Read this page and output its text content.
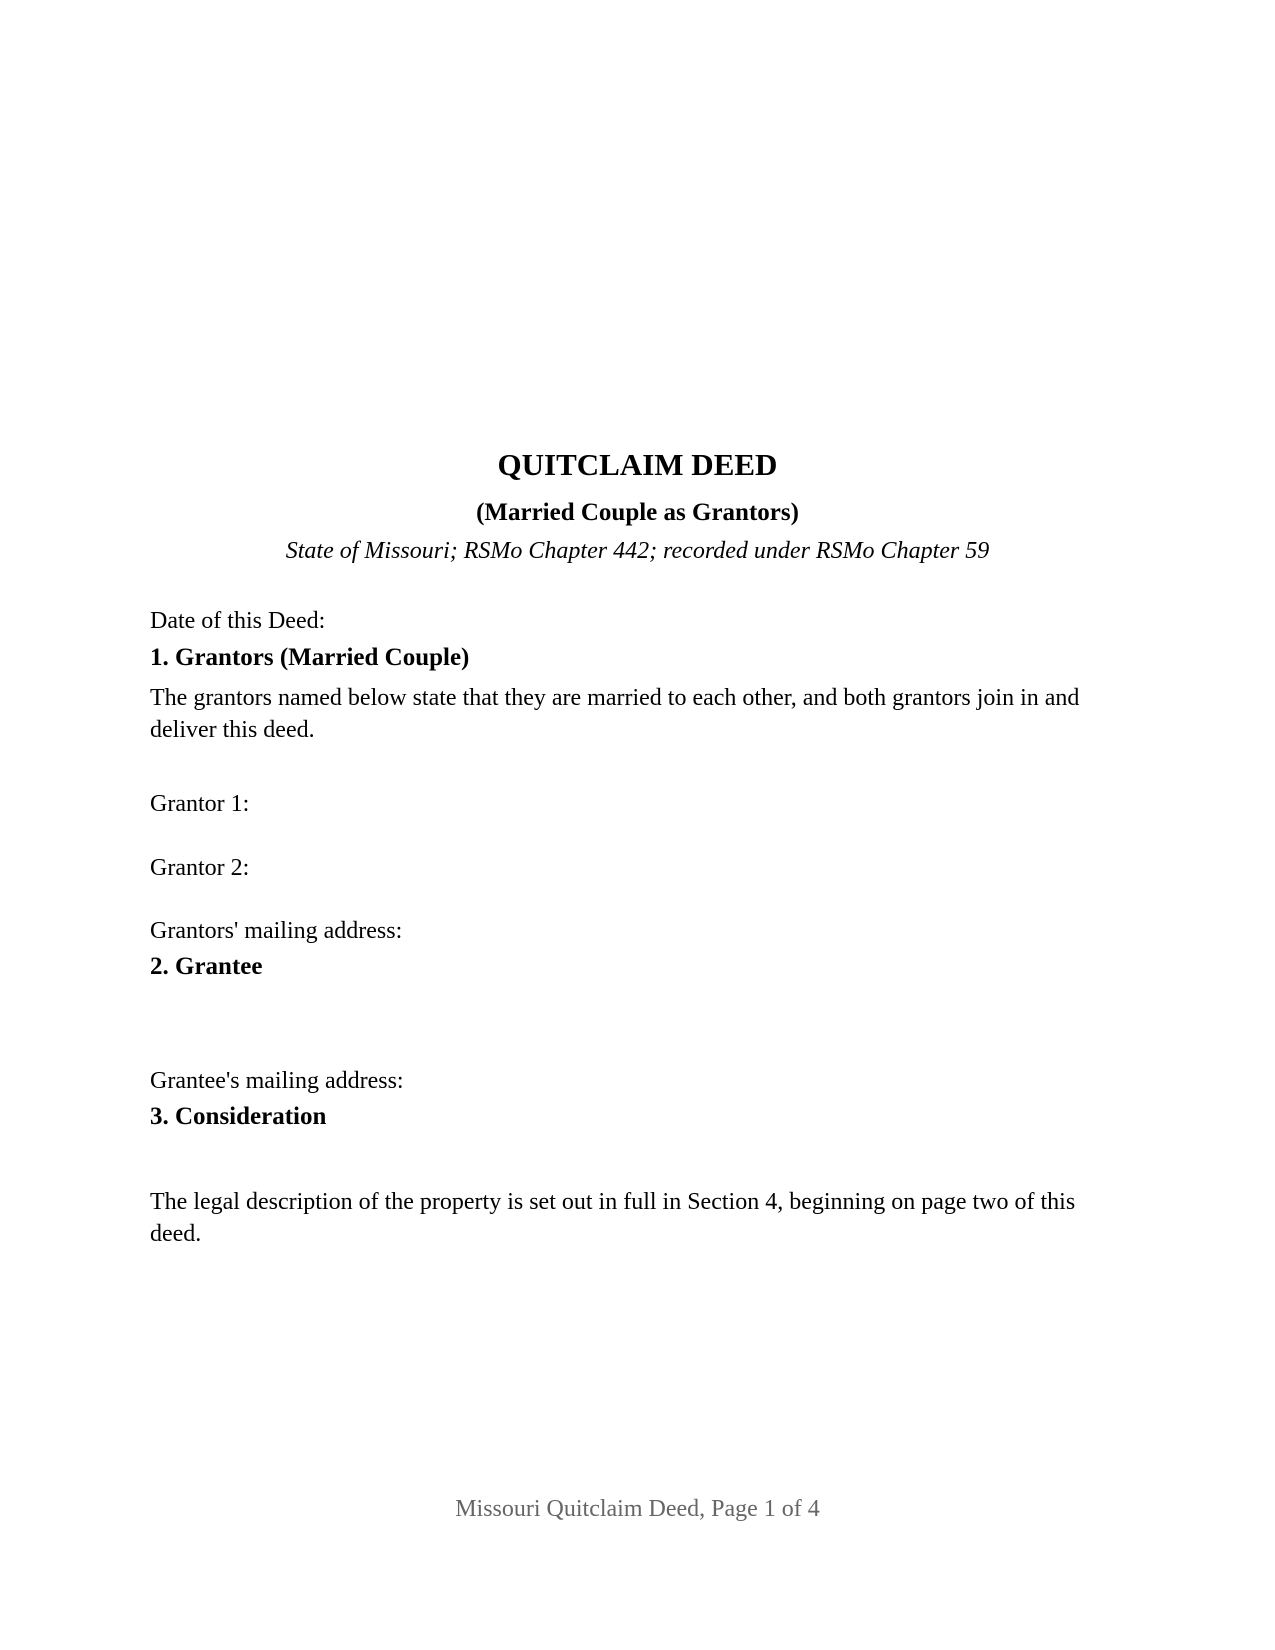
QUITCLAIM DEED
(Married Couple as Grantors)
State of Missouri; RSMo Chapter 442; recorded under RSMo Chapter 59
Date of this Deed:
1. Grantors (Married Couple)
The grantors named below state that they are married to each other, and both grantors join in and deliver this deed.
Grantor 1:
Grantor 2:
Grantors' mailing address:
2. Grantee
Grantee's mailing address:
3. Consideration
The legal description of the property is set out in full in Section 4, beginning on page two of this deed.
Missouri Quitclaim Deed, Page 1 of 4
